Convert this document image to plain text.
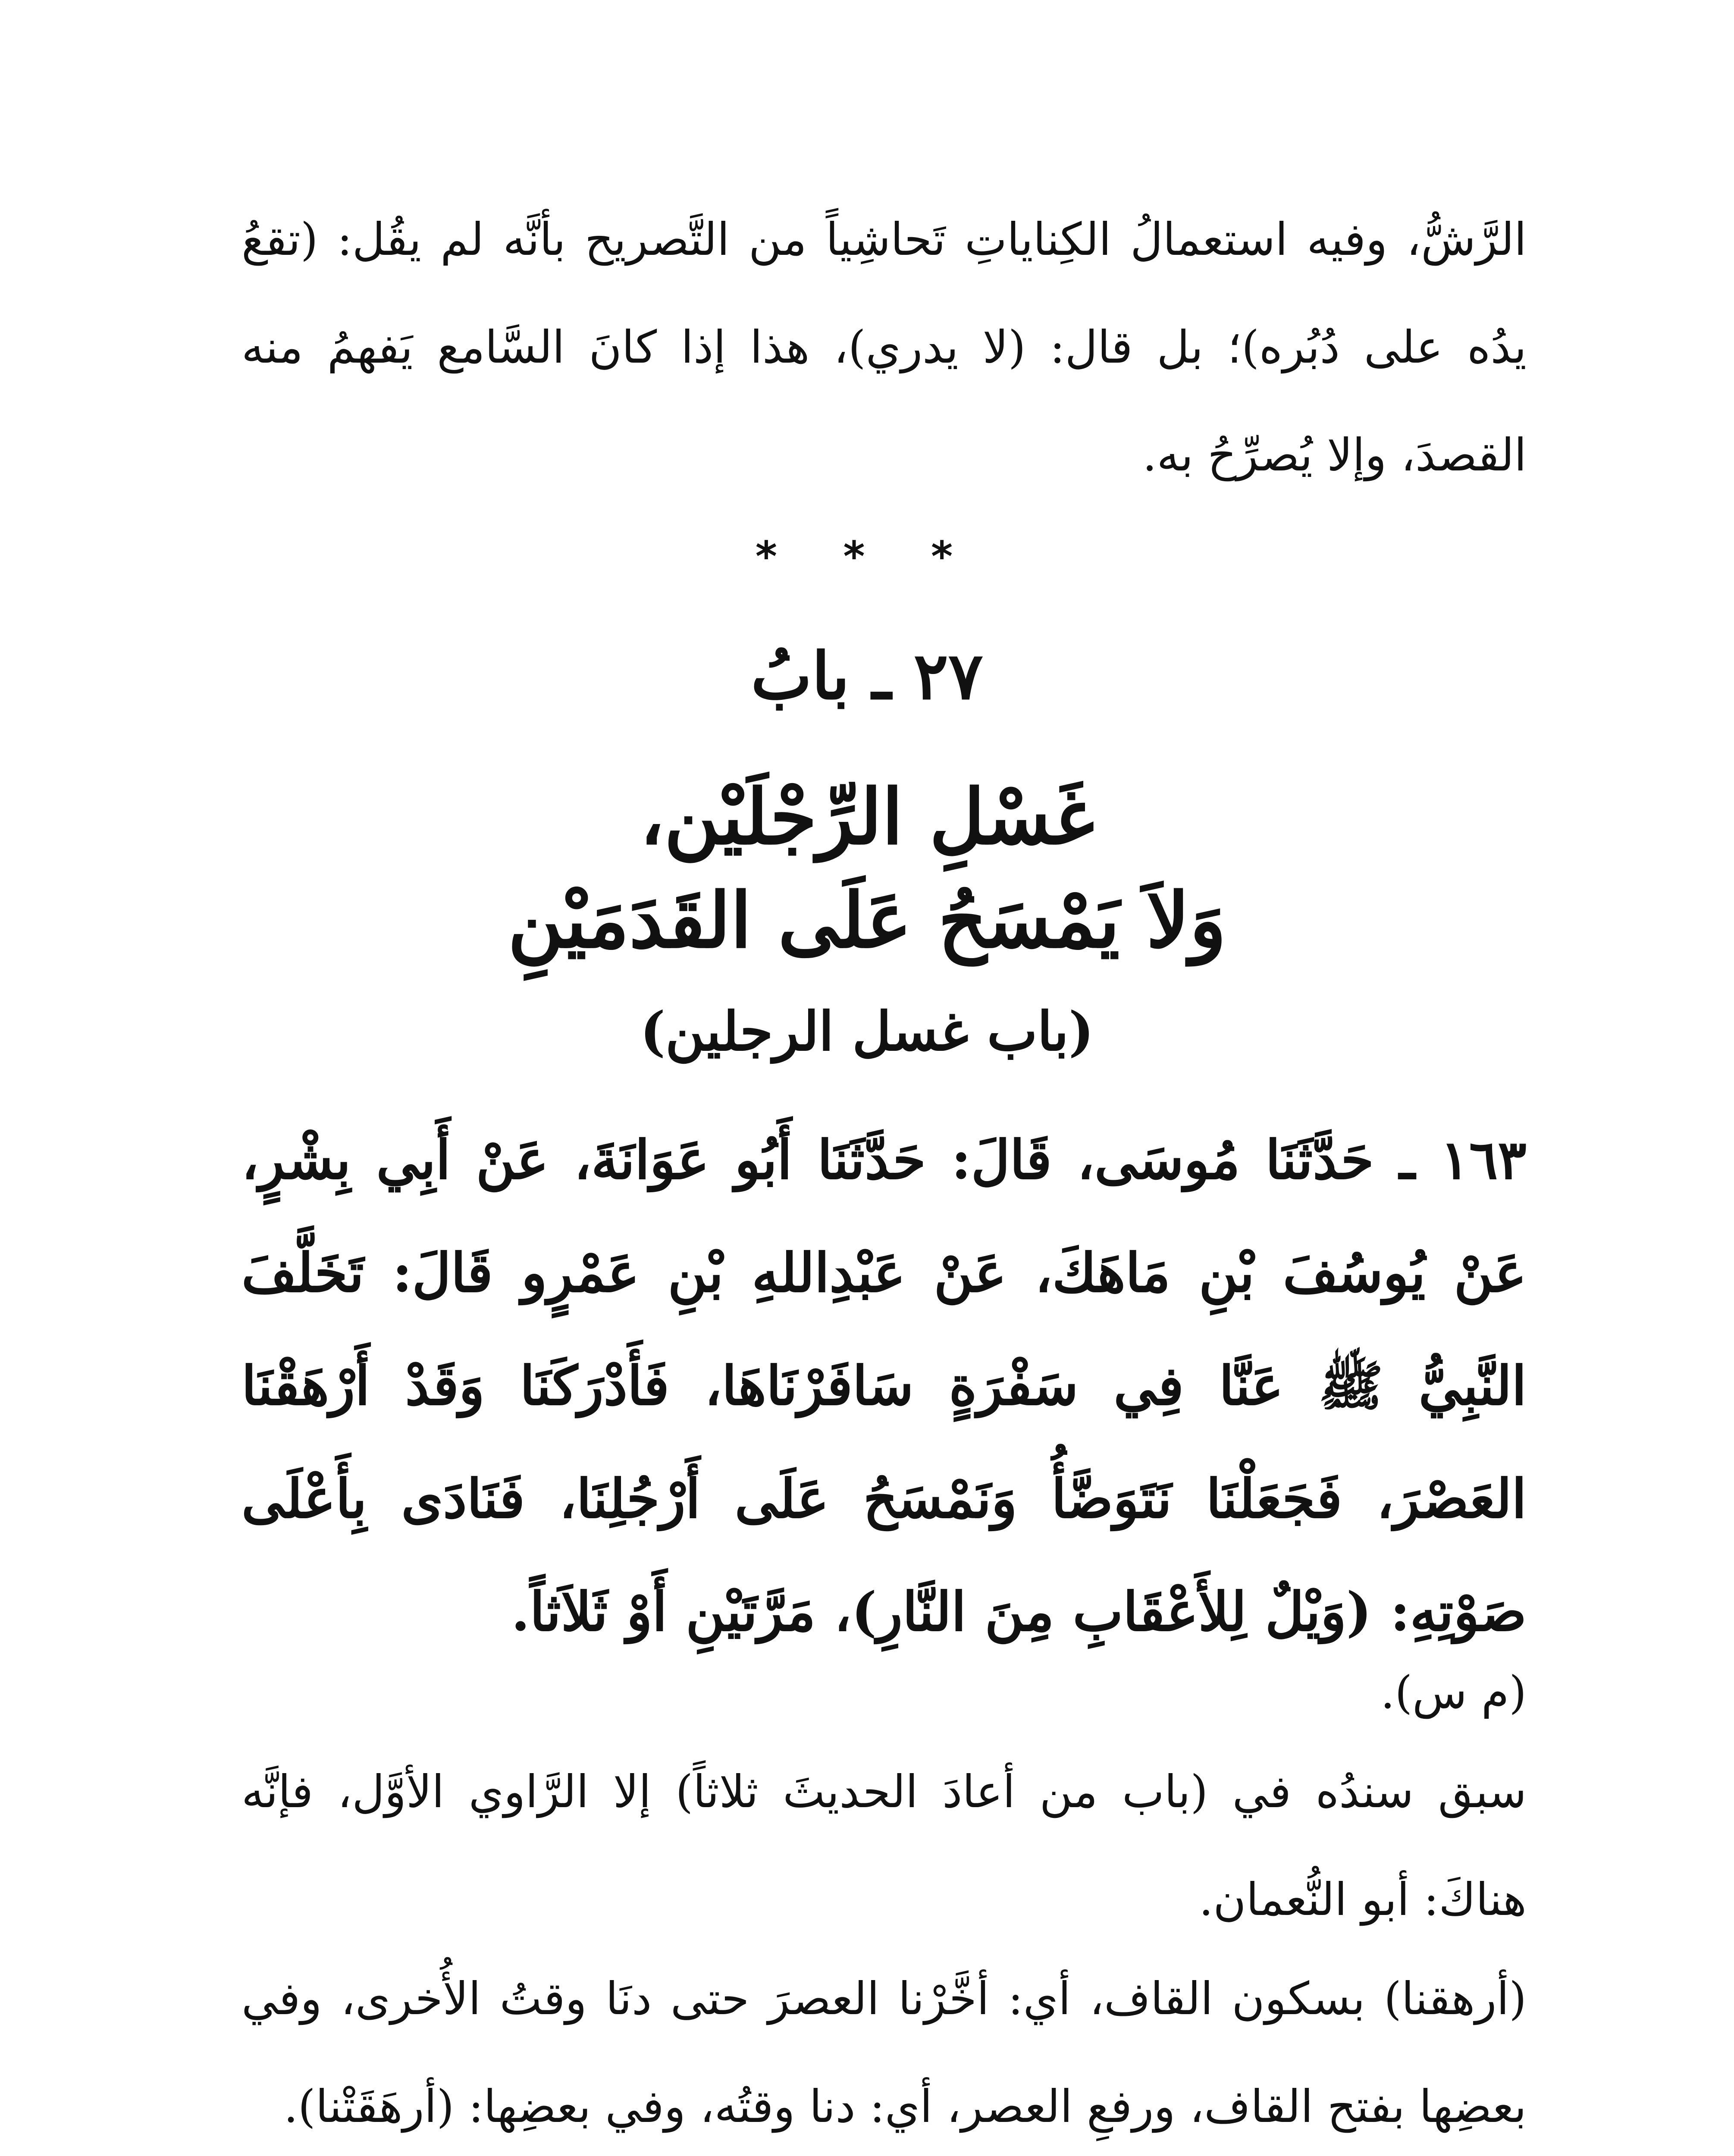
الرَّشُّ، وفيه استعمالُ الكِناياتِ تَحاشِياً من التَّصريح بأنَّه لم يقُل: (تقعُ يدُه على دُبُره)؛ بل قال: (لا يدري)، هذا إذا كانَ السَّامع يَفهمُ منه القصدَ، وإلا يُصرِّحُ به.
* * *
٢٧ ـ بابُ
غَسْلِ الرِّجْلَيْن،
وَلاَ يَمْسَحُ عَلَى القَدَمَيْنِ
(باب غسل الرجلين)
١٦٣ ـ حَدَّثَنَا مُوسَى، قَالَ: حَدَّثَنَا أَبُو عَوَانَةَ، عَنْ أَبِي بِشْرٍ، عَنْ يُوسُفَ بْنِ مَاهَكَ، عَنْ عَبْدِاللهِ بْنِ عَمْرٍو قَالَ: تَخَلَّفَ النَّبِيُّ ﷺ عَنَّا فِي سَفْرَةٍ سَافَرْنَاهَا، فَأَدْرَكَنَا وَقَدْ أَرْهَقْنَا العَصْرَ، فَجَعَلْنَا نَتَوَضَّأُ وَنَمْسَحُ عَلَى أَرْجُلِنَا، فَنَادَى بِأَعْلَى صَوْتِهِ: (وَيْلٌ لِلأَعْقَابِ مِنَ النَّارِ)، مَرَّتَيْنِ أَوْ ثَلاَثاً.
(م س).
سبق سندُه في (باب من أعادَ الحديثَ ثلاثاً) إلا الرَّاوي الأوَّل، فإنَّه هناكَ: أبو النُّعمان.
(أرهقنا) بسكون القاف، أي: أخَّرْنا العصرَ حتى دنَا وقتُ الأُخرى، وفي بعضِها بفتح القاف، ورفعِ العصر، أي: دنا وقتُه، وفي بعضِها: (أرهَقَتْنا).
